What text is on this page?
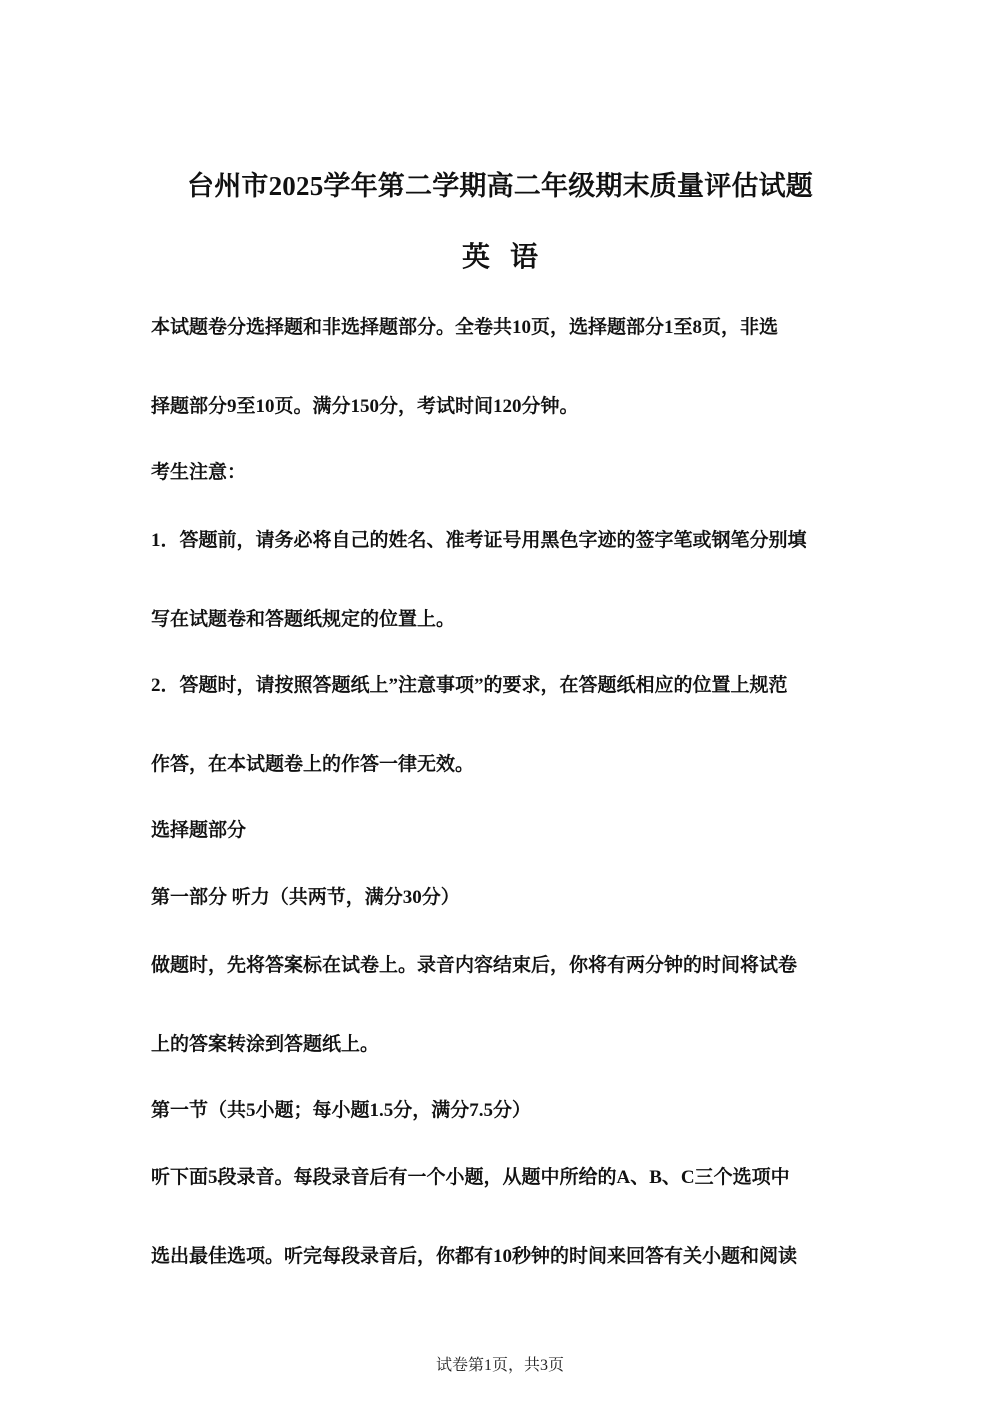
台州市2025学年第二学期高二年级期末质量评估试题
英语
本试题卷分选择题和非选择题部分。全卷共10页，选择题部分1至8页，非选
择题部分9至10页。满分150分，考试时间120分钟。
考生注意：
1．答题前，请务必将自己的姓名、准考证号用黑色字迹的签字笔或钢笔分别填
写在试题卷和答题纸规定的位置上。
2．答题时，请按照答题纸上”注意事项”的要求，在答题纸相应的位置上规范
作答，在本试题卷上的作答一律无效。
选择题部分
第一部分 听力（共两节，满分30分）
做题时，先将答案标在试卷上。录音内容结束后，你将有两分钟的时间将试卷
上的答案转涂到答题纸上。
第一节（共5小题；每小题1.5分，满分7.5分）
听下面5段录音。每段录音后有一个小题，从题中所给的A、B、C三个选项中
选出最佳选项。听完每段录音后，你都有10秒钟的时间来回答有关小题和阅读
试卷第1页，共3页
